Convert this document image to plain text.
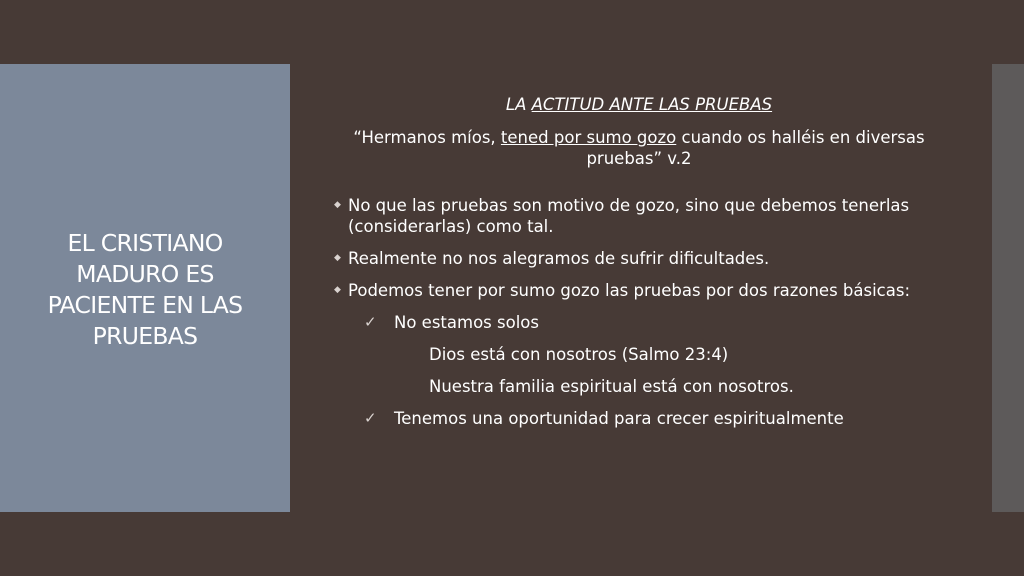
EL CRISTIANO MADURO ES PACIENTE EN LAS PRUEBAS

LA ACTITUD ANTE LAS PRUEBAS

“Hermanos míos, tened por sumo gozo cuando os halléis en diversas pruebas” v.2

◆ No que las pruebas son motivo de gozo, sino que debemos tenerlas (considerarlas) como tal.
◆ Realmente no nos alegramos de sufrir dificultades.
◆ Podemos tener por sumo gozo las pruebas por dos razones básicas:
✓ No estamos solos
Dios está con nosotros (Salmo 23:4)
Nuestra familia espiritual está con nosotros.
✓ Tenemos una oportunidad para crecer espiritualmente
